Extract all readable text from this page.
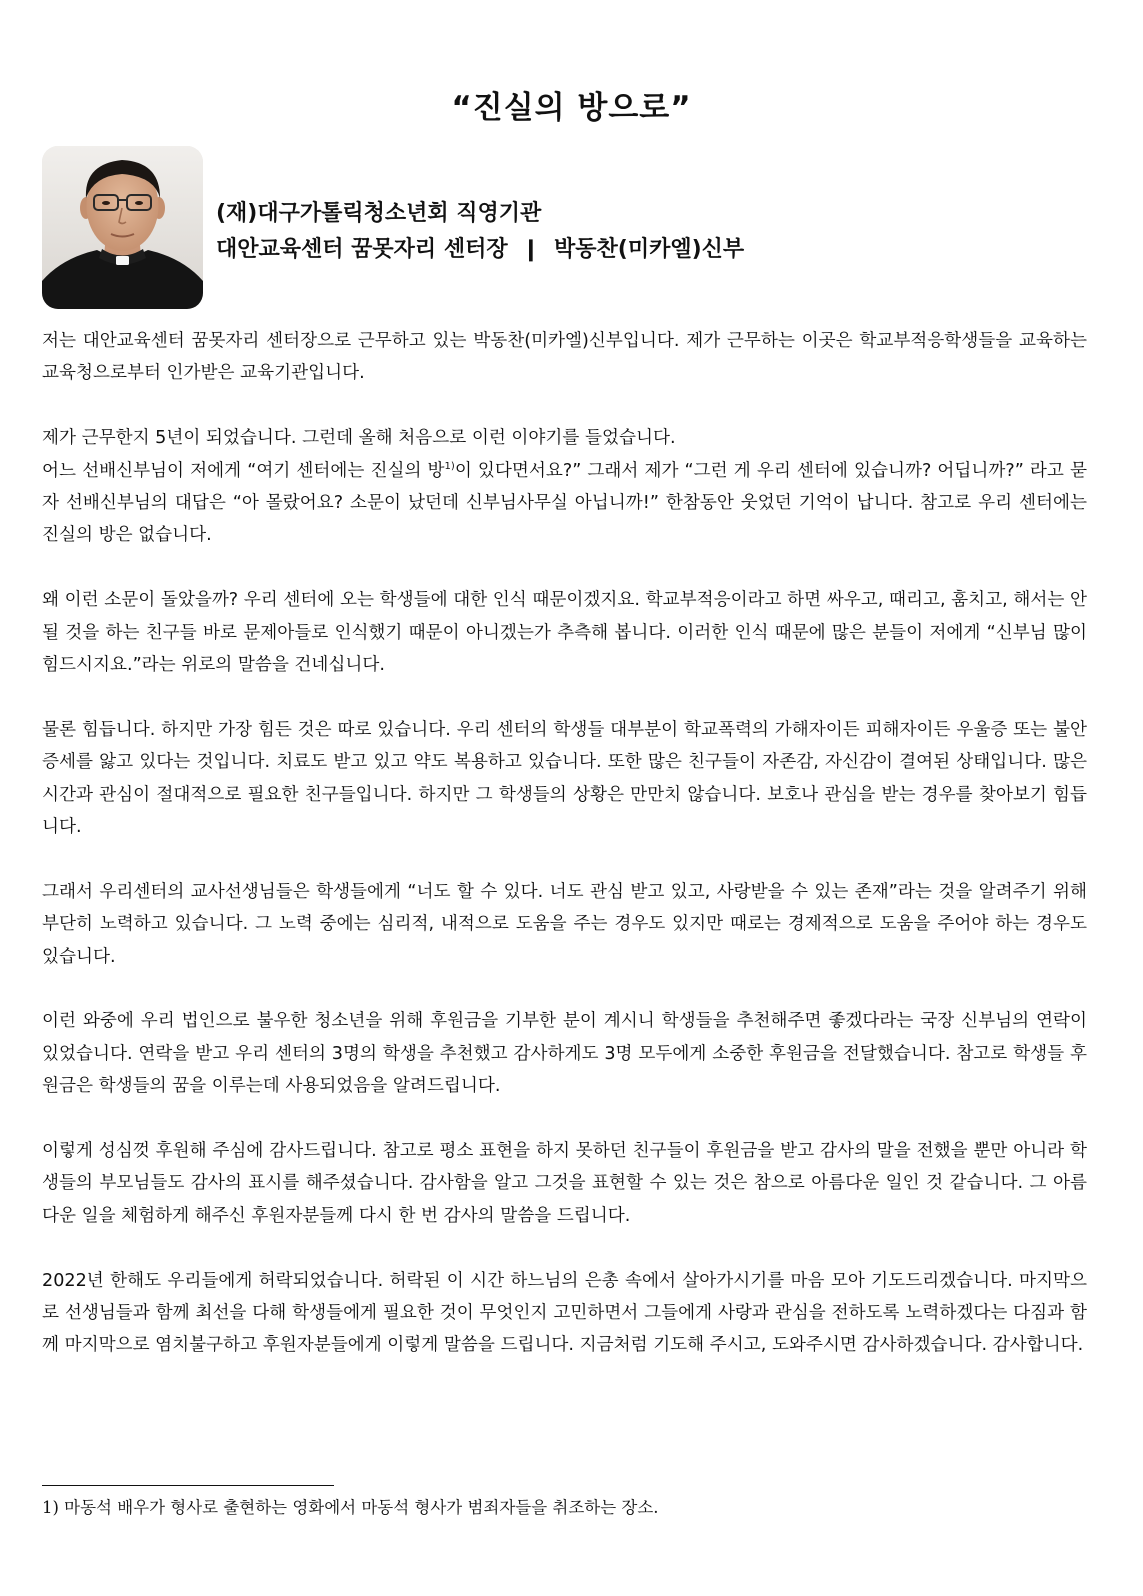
“진실의 방으로”
(재)대구가톨릭청소년회 직영기관
대안교육센터 꿈못자리 센터장 ❙ 박동찬(미카엘)신부

저는 대안교육센터 꿈못자리 센터장으로 근무하고 있는 박동찬(미카엘)신부입니다. 제가 근무하는 이곳은 학교부적응학생들을 교육하는 교육청으로부터 인가받은 교육기관입니다.

제가 근무한지 5년이 되었습니다. 그런데 올해 처음으로 이런 이야기를 들었습니다.

어느 선배신부님이 저에게 “여기 센터에는 진실의 방$^{1)}$이 있다면서요?” 그래서 제가 “그런 게 우리 센터에 있습니까? 어딥니까?” 라고 묻자 선배신부님의 대답은 “아 몰랐어요? 소문이 났던데 신부님사무실 아닙니까!” 한참동안 웃었던 기억이 납니다. 참고로 우리 센터에는 진실의 방은 없습니다.

왜 이런 소문이 돌았을까? 우리 센터에 오는 학생들에 대한 인식 때문이겠지요. 학교부적응이라고 하면 싸우고, 때리고, 훔치고, 해서는 안 될 것을 하는 친구들 바로 문제아들로 인식했기 때문이 아니겠는가 추측해 봅니다. 이러한 인식 때문에 많은 분들이 저에게 “신부님 많이 힘드시지요.”라는 위로의 말씀을 건네십니다.

물론 힘듭니다. 하지만 가장 힘든 것은 따로 있습니다. 우리 센터의 학생들 대부분이 학교폭력의 가해자이든 피해자이든 우울증 또는 불안증세를 앓고 있다는 것입니다. 치료도 받고 있고 약도 복용하고 있습니다. 또한 많은 친구들이 자존감, 자신감이 결여된 상태입니다. 많은 시간과 관심이 절대적으로 필요한 친구들입니다. 하지만 그 학생들의 상황은 만만치 않습니다. 보호나 관심을 받는 경우를 찾아보기 힘듭니다.

그래서 우리센터의 교사선생님들은 학생들에게 “너도 할 수 있다. 너도 관심 받고 있고, 사랑받을 수 있는 존재”라는 것을 알려주기 위해 부단히 노력하고 있습니다. 그 노력 중에는 심리적, 내적으로 도움을 주는 경우도 있지만 때로는 경제적으로 도움을 주어야 하는 경우도 있습니다.

이런 와중에 우리 법인으로 불우한 청소년을 위해 후원금을 기부한 분이 계시니 학생들을 추천해주면 좋겠다라는 국장 신부님의 연락이 있었습니다. 연락을 받고 우리 센터의 3명의 학생을 추천했고 감사하게도 3명 모두에게 소중한 후원금을 전달했습니다. 참고로 학생들 후원금은 학생들의 꿈을 이루는데 사용되었음을 알려드립니다.

이렇게 성심껏 후원해 주심에 감사드립니다. 참고로 평소 표현을 하지 못하던 친구들이 후원금을 받고 감사의 말을 전했을 뿐만 아니라 학생들의 부모님들도 감사의 표시를 해주셨습니다. 감사함을 알고 그것을 표현할 수 있는 것은 참으로 아름다운 일인 것 같습니다. 그 아름다운 일을 체험하게 해주신 후원자분들께 다시 한 번 감사의 말씀을 드립니다.

2022년 한해도 우리들에게 허락되었습니다. 허락된 이 시간 하느님의 은총 속에서 살아가시기를 마음 모아 기도드리겠습니다. 마지막으로 선생님들과 함께 최선을 다해 학생들에게 필요한 것이 무엇인지 고민하면서 그들에게 사랑과 관심을 전하도록 노력하겠다는 다짐과 함께 마지막으로 염치불구하고 후원자분들에게 이렇게 말씀을 드립니다. 지금처럼 기도해 주시고, 도와주시면 감사하겠습니다. 감사합니다.

1) 마동석 배우가 형사로 출현하는 영화에서 마동석 형사가 범죄자들을 취조하는 장소.
